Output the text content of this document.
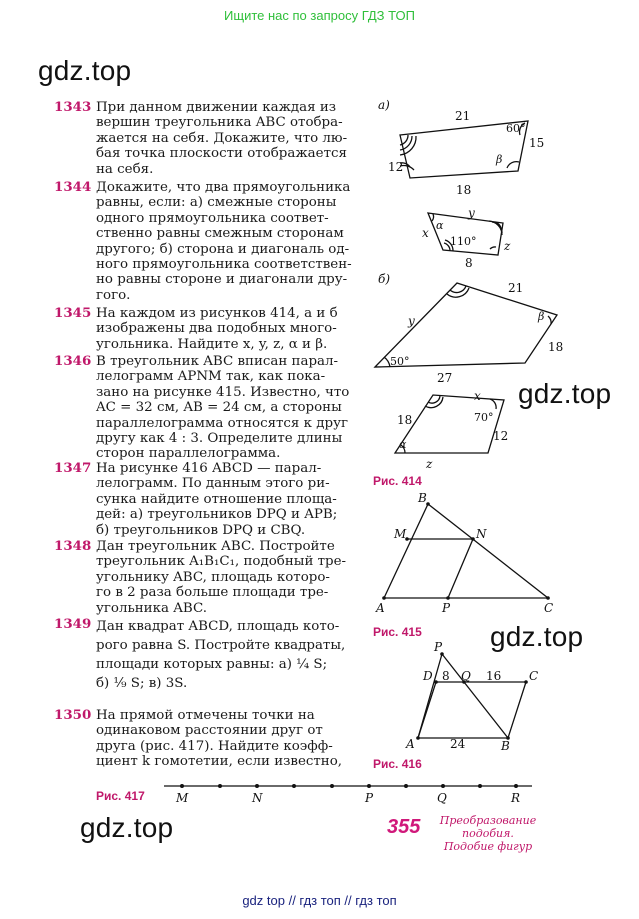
Ищите нас по запросу ГДЗ ТОП
gdz.top
gdz.top
gdz.top
gdz.top
1343 При данном движении каждая из
вершин треугольника ABC отобра-
жается на себя. Докажите, что лю-
бая точка плоскости отображается
на себя.
1344 Докажите, что два прямоугольника
равны, если: а) смежные стороны
одного прямоугольника соответ-
ственно равны смежным сторонам
другого; б) сторона и диагональ од-
ного прямоугольника соответствен-
но равны стороне и диагонали дру-
гого.
1345 На каждом из рисунков 414, а и б
изображены два подобных много-
угольника. Найдите x, y, z, α и β.
1346 В треугольник ABC вписан парал-
лелограмм APNM так, как пока-
зано на рисунке 415. Известно, что
AC = 32 см, AB = 24 см, а стороны
параллелограмма относятся к друг
другу как 4 : 3. Определите длины
сторон параллелограмма.
1347 На рисунке 416 ABCD — парал-
лелограмм. По данным этого ри-
сунка найдите отношение площа-
дей: а) треугольников DPQ и APB;
б) треугольников DPQ и CBQ.
1348 Дан треугольник ABC. Постройте
треугольник A₁B₁C₁, подобный тре-
угольнику ABC, площадь которо-
го в 2 раза больше площади тре-
угольника ABC.
1349 Дан квадрат ABCD, площадь кото-
рого равна S. Постройте квадраты,
площади которых равны: а) ¼ S;
б) ⅑ S; в) 3S.
1350 На прямой отмечены точки на
одинаковом расстоянии друг от
друга (рис. 417). Найдите коэфф-
циент k гомотетии, если известно,
а)
21
15
12
18
60°
β
y
x
z
8
110°
α
б)
21
y
18
27
50°
β
x
18
12
z
70°
α
Рис. 414
B
M	N
A	P	C
Рис. 415
P
D Q	C
A	B
8	16
24
Рис. 416
Рис. 417	M	N	P	Q	R
355 Преобразование
подобия.
Подобие фигур
gdz top // гдз топ // гдз топ
